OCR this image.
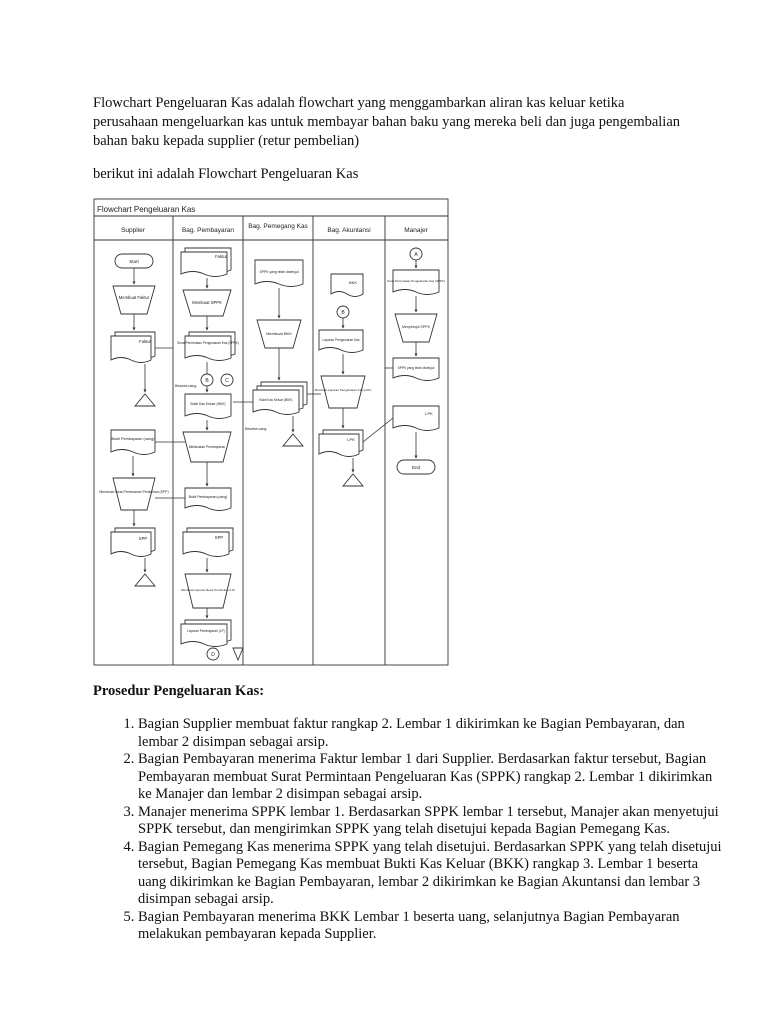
Flowchart Pengeluaran Kas adalah flowchart yang menggambarkan aliran kas keluar ketika perusahaan mengeluarkan kas untuk membayar bahan baku yang mereka beli dan juga pengembalian bahan baku kepada supplier (retur pembelian)
berikut ini adalah Flowchart Pengeluaran Kas
Flowchart Pengeluaran Kas
Supplier	Bag. Pembayaran
Bag. Pemegang Kas
Bag. Akuntansi	Manajer
Start
Membuat Faktur
Faktur
Bukti Pembayaran (uang)
Membuat Surat Pemesanan Pembelian (SPP)
SPP
Faktur
Membuat SPPK
Surat Permintaan Pengeluaran Kas (SPPK)
B	C
Beserta uang
Bukti Kas Keluar (BKK)
Melakukan Pembayaran
Bukti Pembayaran (uang)
SPP
Membuat Laporan Retur Pembelian (LP)
Laporan Pembayaran (LP)
D
SPPK yang telah disetujui
Membuat BKK
Bukti Kas Keluar (BKK)
Beserta uang
BKK
B
Laporan Pengeluaran Kas
Membuat Laporan Pengeluaran Kas (LPK)
LPK
A
Surat Permintaan Pengeluaran Kas (SPPK)
Menyetujui SPPK
SPPK yang telah disetujui
LPK
End
Prosedur Pengeluaran Kas:
1. Bagian Supplier membuat faktur rangkap 2. Lembar 1 dikirimkan ke Bagian Pembayaran, dan lembar 2 disimpan sebagai arsip.
2. Bagian Pembayaran menerima Faktur lembar 1 dari Supplier. Berdasarkan faktur tersebut, Bagian Pembayaran membuat Surat Permintaan Pengeluaran Kas (SPPK) rangkap 2. Lembar 1 dikirimkan ke Manajer dan lembar 2 disimpan sebagai arsip.
3. Manajer menerima SPPK lembar 1. Berdasarkan SPPK lembar 1 tersebut, Manajer akan menyetujui SPPK tersebut, dan mengirimkan SPPK yang telah disetujui kepada Bagian Pemegang Kas.
4. Bagian Pemegang Kas menerima SPPK yang telah disetujui. Berdasarkan SPPK yang telah disetujui tersebut, Bagian Pemegang Kas membuat Bukti Kas Keluar (BKK) rangkap 3. Lembar 1 beserta uang dikirimkan ke Bagian Pembayaran, lembar 2 dikirimkan ke Bagian Akuntansi dan lembar 3 disimpan sebagai arsip.
5. Bagian Pembayaran menerima BKK Lembar 1 beserta uang, selanjutnya Bagian Pembayaran melakukan pembayaran kepada Supplier.
